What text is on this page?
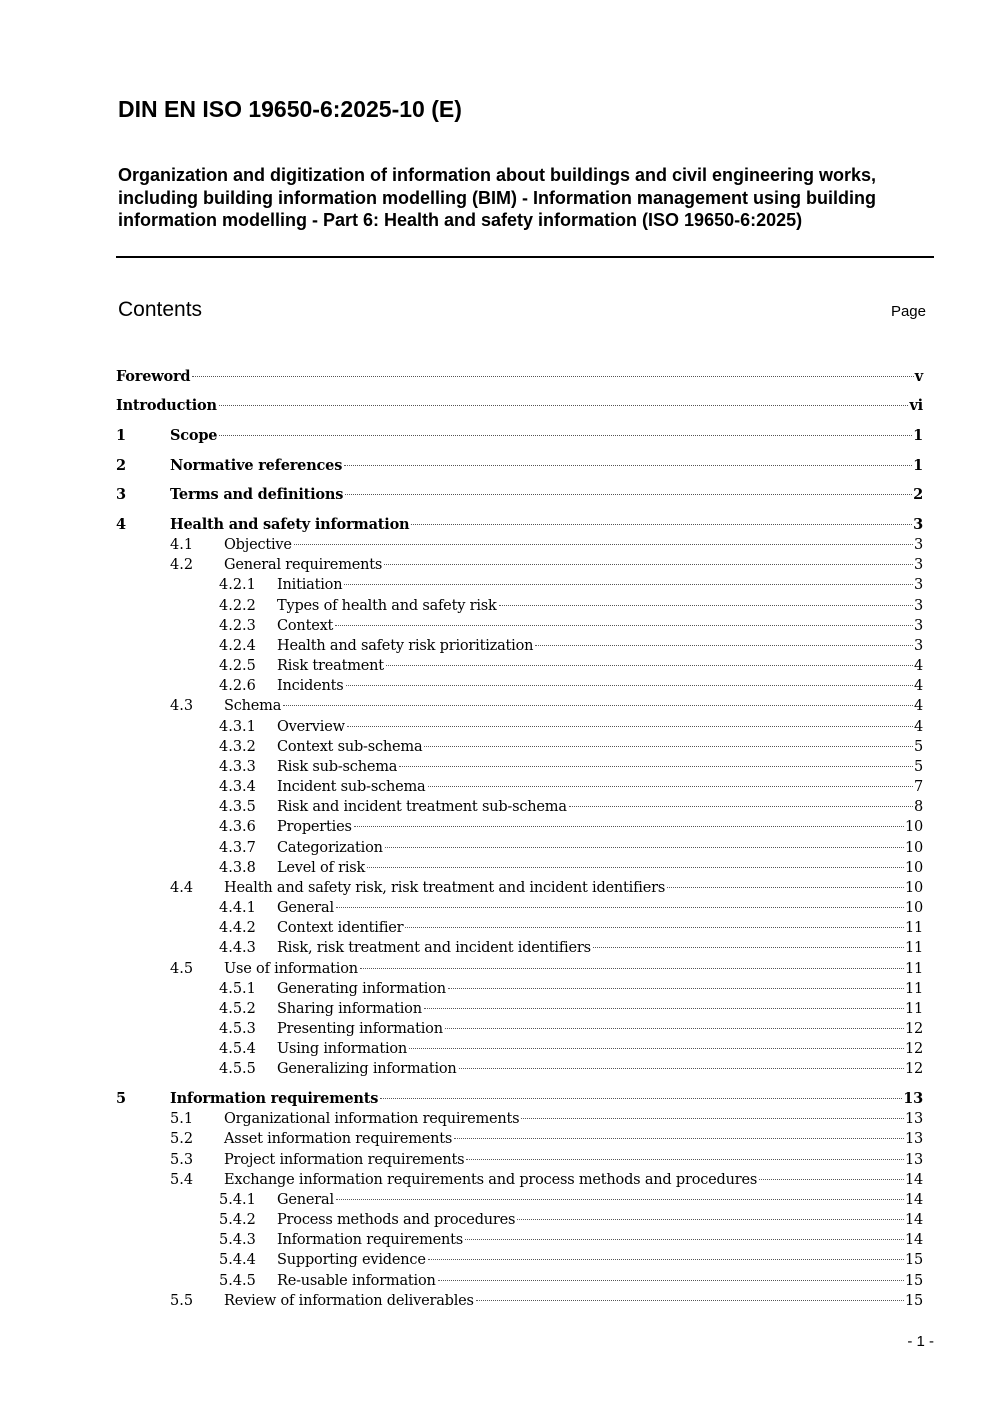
DIN EN ISO 19650-6:2025-10 (E)
Organization and digitization of information about buildings and civil engineering works, including building information modelling (BIM) - Information management using building information modelling - Part 6: Health and safety information (ISO 19650-6:2025)
Contents	Page
Foreword	v
Introduction	vi
1	Scope	1
2	Normative references	1
3	Terms and definitions	2
4	Health and safety information	3
4.1 Objective	3
4.2 General requirements	3
4.2.1 Initiation	3
4.2.2 Types of health and safety risk	3
4.2.3 Context	3
4.2.4 Health and safety risk prioritization	3
4.2.5 Risk treatment	4
4.2.6 Incidents	4
4.3 Schema	4
4.3.1 Overview	4
4.3.2 Context sub-schema	5
4.3.3 Risk sub-schema	5
4.3.4 Incident sub-schema	7
4.3.5 Risk and incident treatment sub-schema	8
4.3.6 Properties	10
4.3.7 Categorization	10
4.3.8 Level of risk	10
4.4 Health and safety risk, risk treatment and incident identifiers	10
4.4.1 General	10
4.4.2 Context identifier	11
4.4.3 Risk, risk treatment and incident identifiers	11
4.5 Use of information	11
4.5.1 Generating information	11
4.5.2 Sharing information	11
4.5.3 Presenting information	12
4.5.4 Using information	12
4.5.5 Generalizing information	12
5	Information requirements	13
5.1 Organizational information requirements	13
5.2 Asset information requirements	13
5.3 Project information requirements	13
5.4 Exchange information requirements and process methods and procedures	14
5.4.1 General	14
5.4.2 Process methods and procedures	14
5.4.3 Information requirements	14
5.4.4 Supporting evidence	15
5.4.5 Re-usable information	15
5.5 Review of information deliverables	15
- 1 -
